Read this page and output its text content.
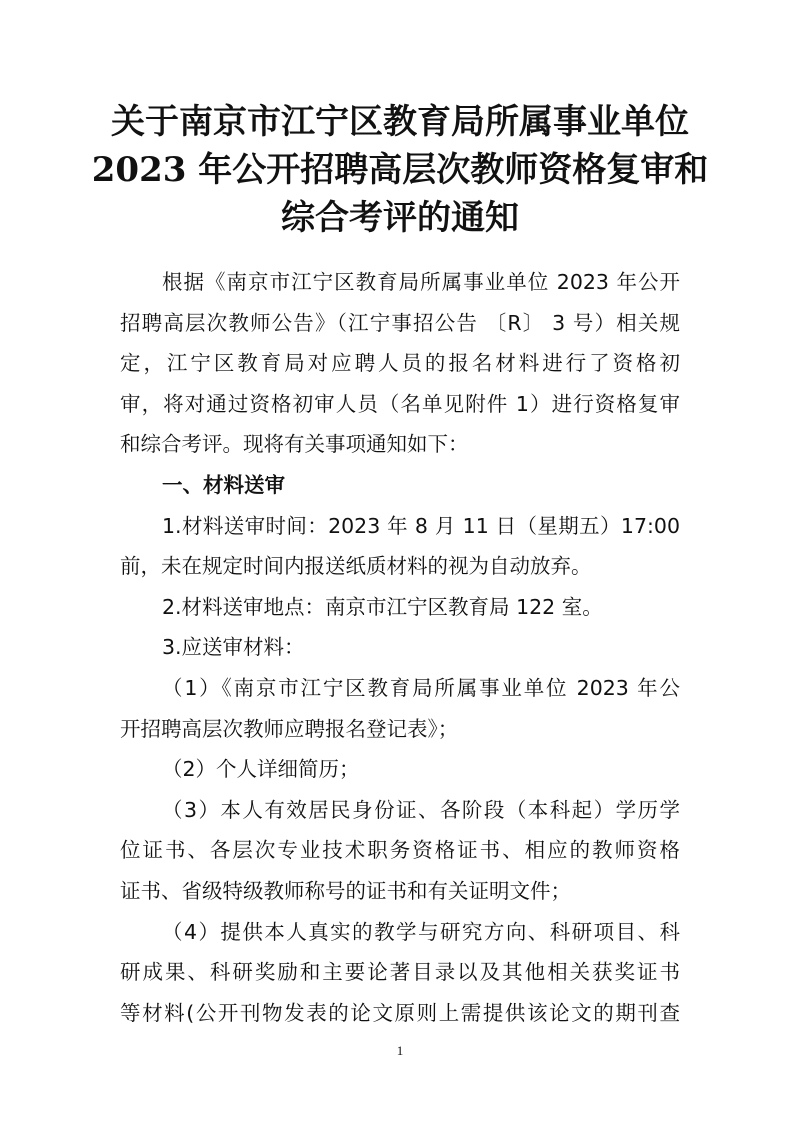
关于南京市江宁区教育局所属事业单位
2023 年公开招聘高层次教师资格复审和
综合考评的通知
根据《南京市江宁区教育局所属事业单位 2023 年公开
招聘高层次教师公告》（江宁事招公告 〔R〕 3 号）相关规
定，江宁区教育局对应聘人员的报名材料进行了资格初
审，将对通过资格初审人员（名单见附件 1）进行资格复审
和综合考评。现将有关事项通知如下：
一、材料送审
1.材料送审时间：2023 年 8 月 11 日（星期五）17:00
前，未在规定时间内报送纸质材料的视为自动放弃。
2.材料送审地点：南京市江宁区教育局 122 室。
3.应送审材料：
（1）《南京市江宁区教育局所属事业单位 2023 年公
开招聘高层次教师应聘报名登记表》；
（2）个人详细简历；
（3）本人有效居民身份证、各阶段（本科起）学历学
位证书、各层次专业技术职务资格证书、相应的教师资格
证书、省级特级教师称号的证书和有关证明文件；
（4）提供本人真实的教学与研究方向、科研项目、科
研成果、科研奖励和主要论著目录以及其他相关获奖证书
等材料(公开刊物发表的论文原则上需提供该论文的期刊查
1
